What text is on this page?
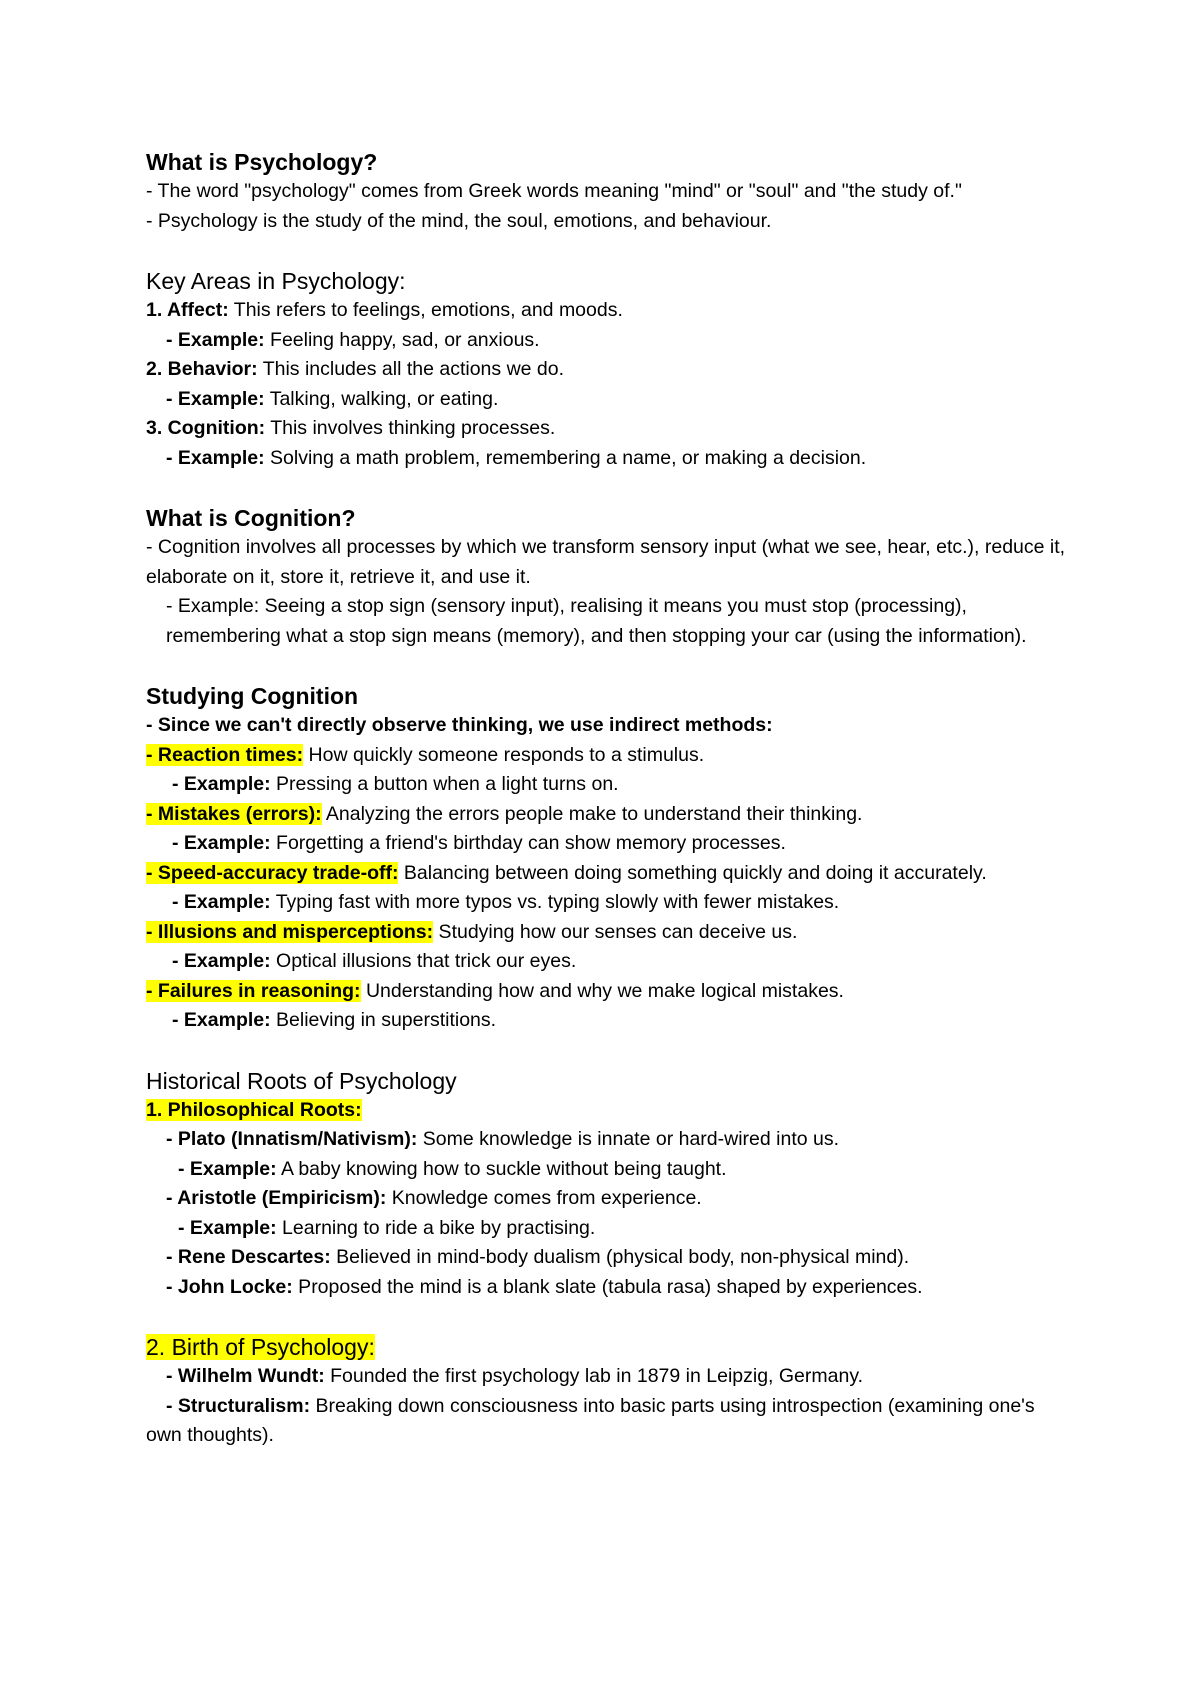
What is Psychology?

- The word "psychology" comes from Greek words meaning "mind" or "soul" and "the study of."

- Psychology is the study of the mind, the soul, emotions, and behaviour.

Key Areas in Psychology:

1. Affect: This refers to feelings, emotions, and moods.

- Example: Feeling happy, sad, or anxious.

2. Behavior: This includes all the actions we do.

- Example: Talking, walking, or eating.

3. Cognition: This involves thinking processes.

- Example: Solving a math problem, remembering a name, or making a decision.

What is Cognition?

- Cognition involves all processes by which we transform sensory input (what we see, hear, etc.), reduce it, elaborate on it, store it, retrieve it, and use it.

- Example: Seeing a stop sign (sensory input), realising it means you must stop (processing), remembering what a stop sign means (memory), and then stopping your car (using the information).

Studying Cognition

- Since we can't directly observe thinking, we use indirect methods:

- Reaction times: How quickly someone responds to a stimulus.

- Example: Pressing a button when a light turns on.

- Mistakes (errors): Analyzing the errors people make to understand their thinking.

- Example: Forgetting a friend's birthday can show memory processes.

- Speed-accuracy trade-off: Balancing between doing something quickly and doing it accurately.

- Example: Typing fast with more typos vs. typing slowly with fewer mistakes.

- Illusions and misperceptions: Studying how our senses can deceive us.

- Example: Optical illusions that trick our eyes.

- Failures in reasoning: Understanding how and why we make logical mistakes.

- Example: Believing in superstitions.

Historical Roots of Psychology

1. Philosophical Roots:

- Plato (Innatism/Nativism): Some knowledge is innate or hard-wired into us.

- Example: A baby knowing how to suckle without being taught.

- Aristotle (Empiricism): Knowledge comes from experience.

- Example: Learning to ride a bike by practising.

- Rene Descartes: Believed in mind-body dualism (physical body, non-physical mind).

- John Locke: Proposed the mind is a blank slate (tabula rasa) shaped by experiences.

2. Birth of Psychology:

- Wilhelm Wundt: Founded the first psychology lab in 1879 in Leipzig, Germany.

- Structuralism: Breaking down consciousness into basic parts using introspection (examining one's own thoughts).
